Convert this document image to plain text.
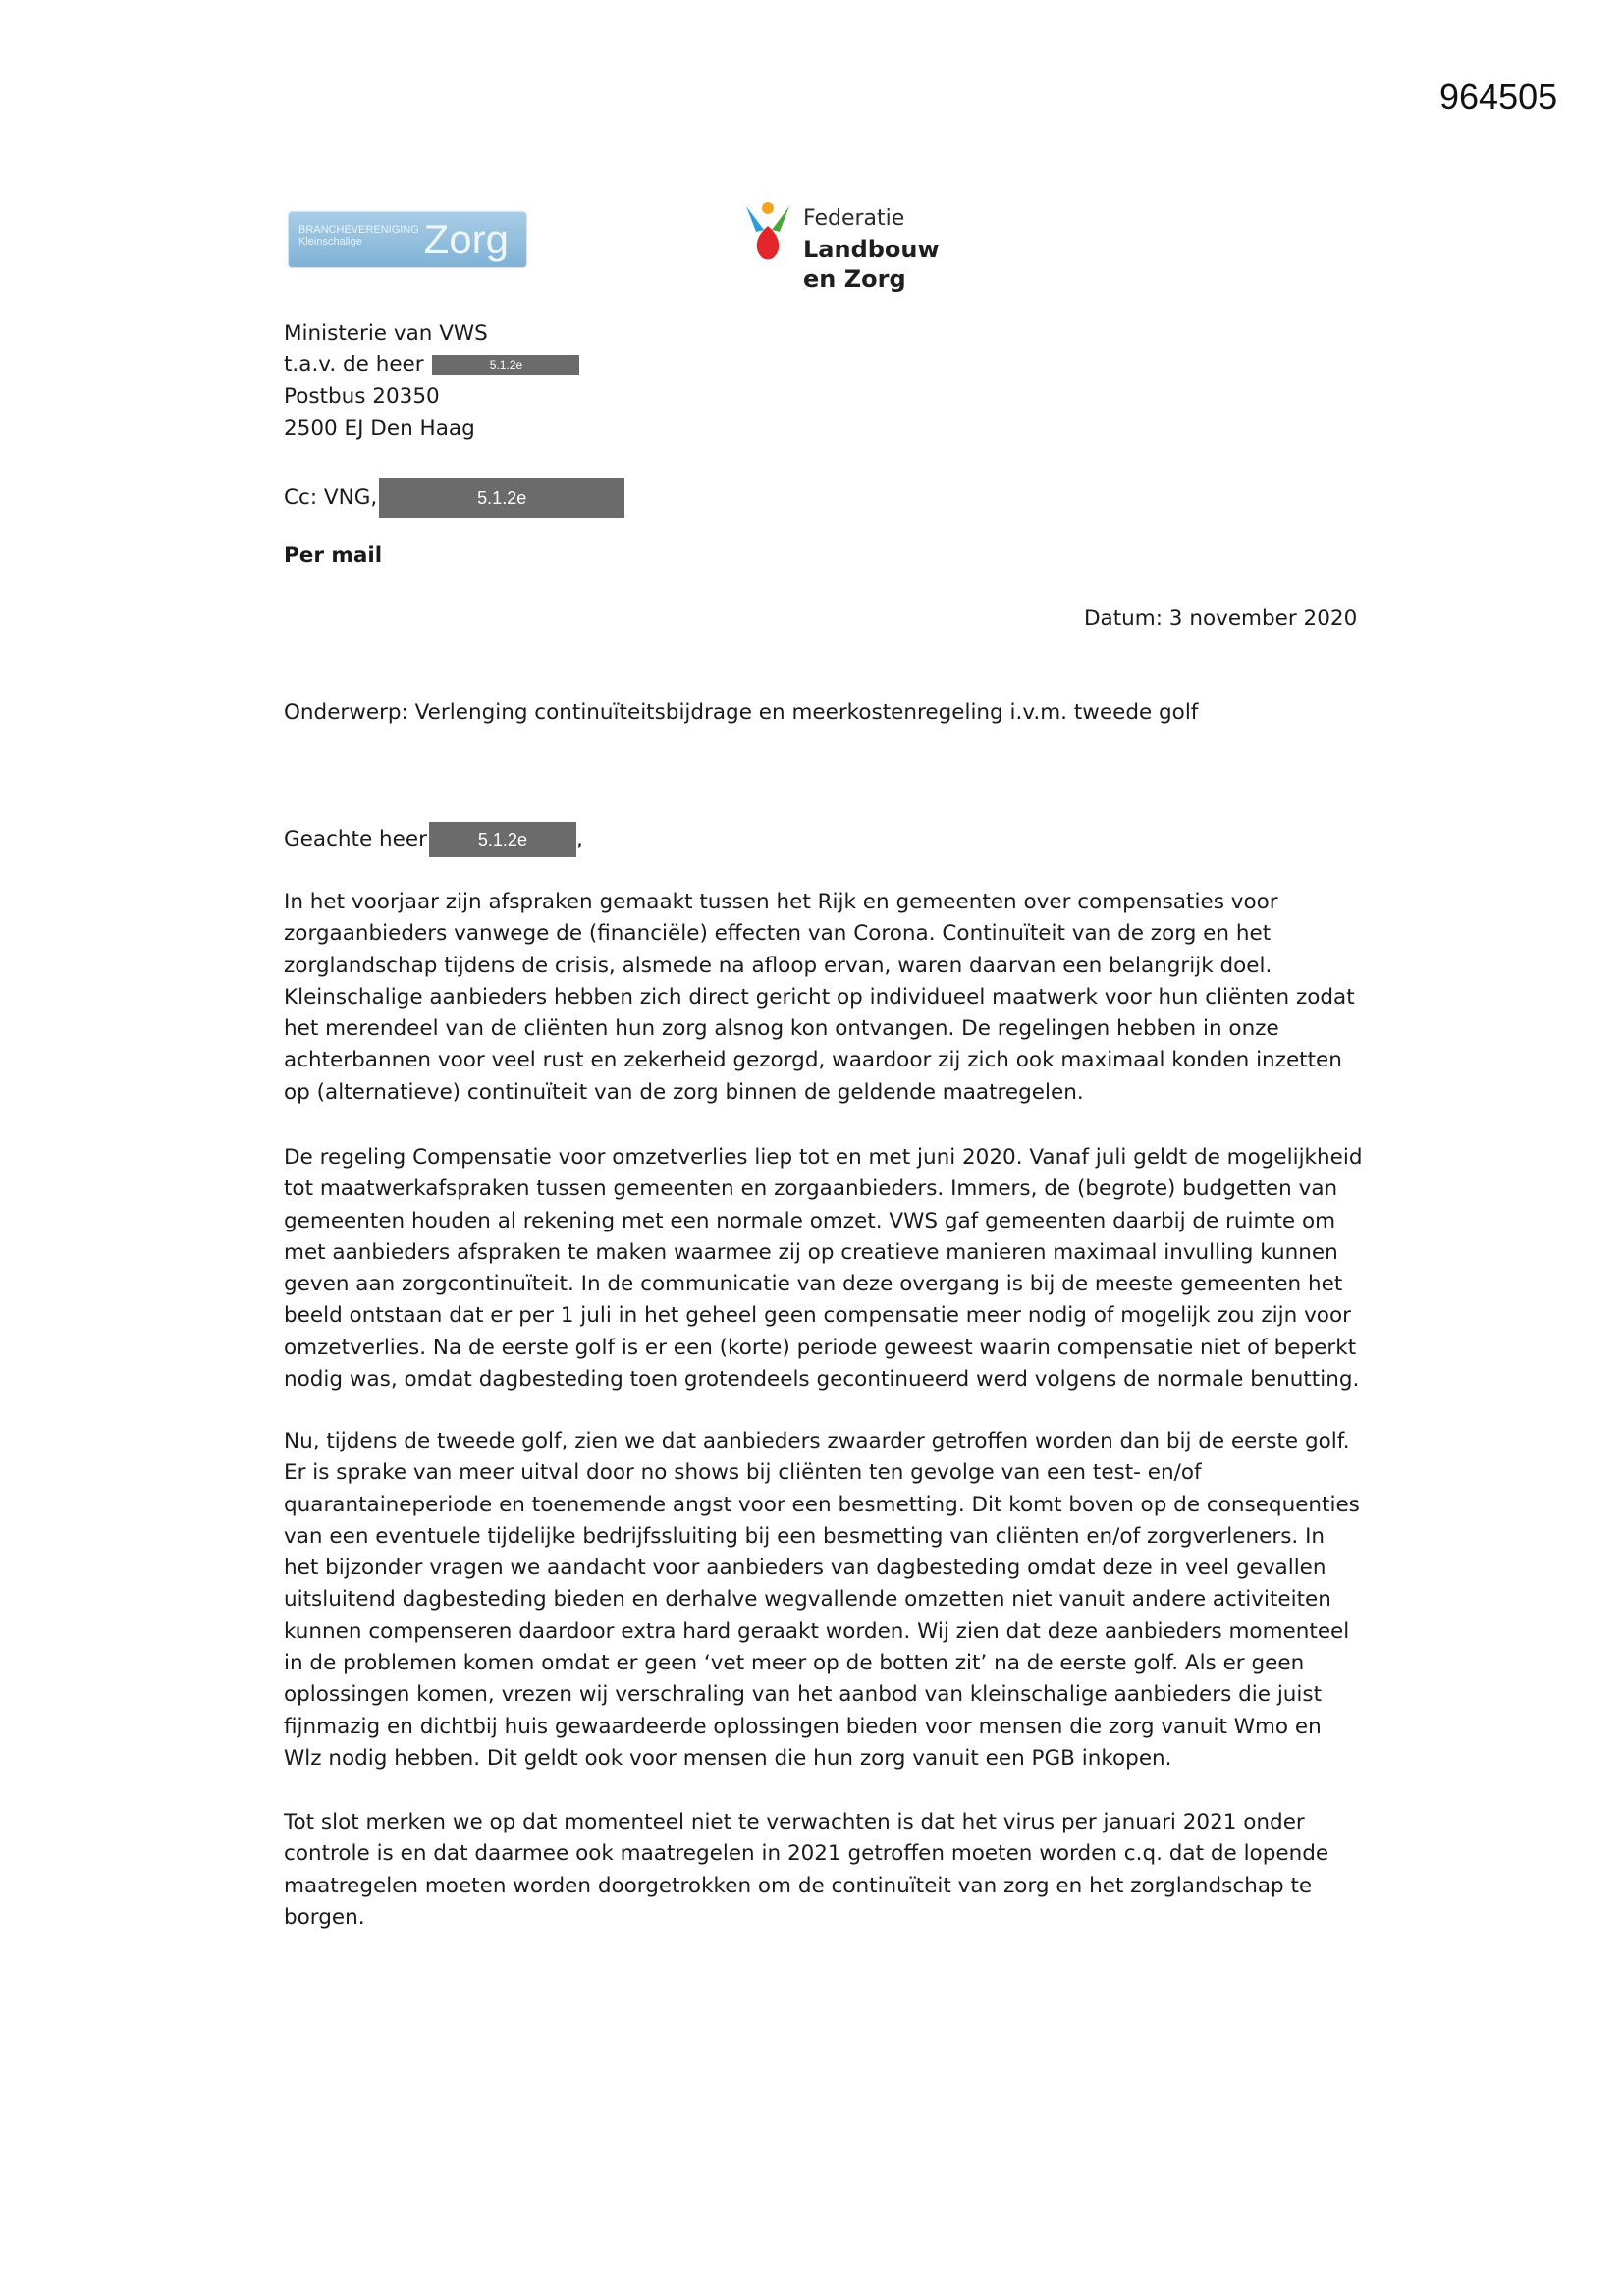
964505
BRANCHEVERENIGING
Kleinschalige	Zorg	Federatie
Landbouw
en Zorg
Ministerie van VWS
t.a.v. de heer	5.1.2e
Postbus 20350
2500 EJ Den Haag
Cc: VNG,	5.1.2e
Per mail
Datum: 3 november 2020
Onderwerp: Verlenging continuïteitsbijdrage en meerkostenregeling i.v.m. tweede golf
Geachte heer	5.1.2e ,
In het voorjaar zijn afspraken gemaakt tussen het Rijk en gemeenten over compensaties voor zorgaanbieders vanwege de (financiële) effecten van Corona. Continuïteit van de zorg en het zorglandschap tijdens de crisis, alsmede na afloop ervan, waren daarvan een belangrijk doel. Kleinschalige aanbieders hebben zich direct gericht op individueel maatwerk voor hun cliënten zodat het merendeel van de cliënten hun zorg alsnog kon ontvangen. De regelingen hebben in onze achterbannen voor veel rust en zekerheid gezorgd, waardoor zij zich ook maximaal konden inzetten op (alternatieve) continuïteit van de zorg binnen de geldende maatregelen.
De regeling Compensatie voor omzetverlies liep tot en met juni 2020. Vanaf juli geldt de mogelijkheid tot maatwerkafspraken tussen gemeenten en zorgaanbieders. Immers, de (begrote) budgetten van gemeenten houden al rekening met een normale omzet. VWS gaf gemeenten daarbij de ruimte om met aanbieders afspraken te maken waarmee zij op creatieve manieren maximaal invulling kunnen geven aan zorgcontinuïteit. In de communicatie van deze overgang is bij de meeste gemeenten het beeld ontstaan dat er per 1 juli in het geheel geen compensatie meer nodig of mogelijk zou zijn voor omzetverlies. Na de eerste golf is er een (korte) periode geweest waarin compensatie niet of beperkt nodig was, omdat dagbesteding toen grotendeels gecontinueerd werd volgens de normale benutting.
Nu, tijdens de tweede golf, zien we dat aanbieders zwaarder getroffen worden dan bij de eerste golf. Er is sprake van meer uitval door no shows bij cliënten ten gevolge van een test- en/of quarantaineperiode en toenemende angst voor een besmetting. Dit komt boven op de consequenties van een eventuele tijdelijke bedrijfssluiting bij een besmetting van cliënten en/of zorgverleners. In het bijzonder vragen we aandacht voor aanbieders van dagbesteding omdat deze in veel gevallen uitsluitend dagbesteding bieden en derhalve wegvallende omzetten niet vanuit andere activiteiten kunnen compenseren daardoor extra hard geraakt worden. Wij zien dat deze aanbieders momenteel in de problemen komen omdat er geen ‘vet meer op de botten zit’ na de eerste golf. Als er geen oplossingen komen, vrezen wij verschraling van het aanbod van kleinschalige aanbieders die juist fijnmazig en dichtbij huis gewaardeerde oplossingen bieden voor mensen die zorg vanuit Wmo en Wlz nodig hebben. Dit geldt ook voor mensen die hun zorg vanuit een PGB inkopen.
Tot slot merken we op dat momenteel niet te verwachten is dat het virus per januari 2021 onder controle is en dat daarmee ook maatregelen in 2021 getroffen moeten worden c.q. dat de lopende maatregelen moeten worden doorgetrokken om de continuïteit van zorg en het zorglandschap te borgen.
